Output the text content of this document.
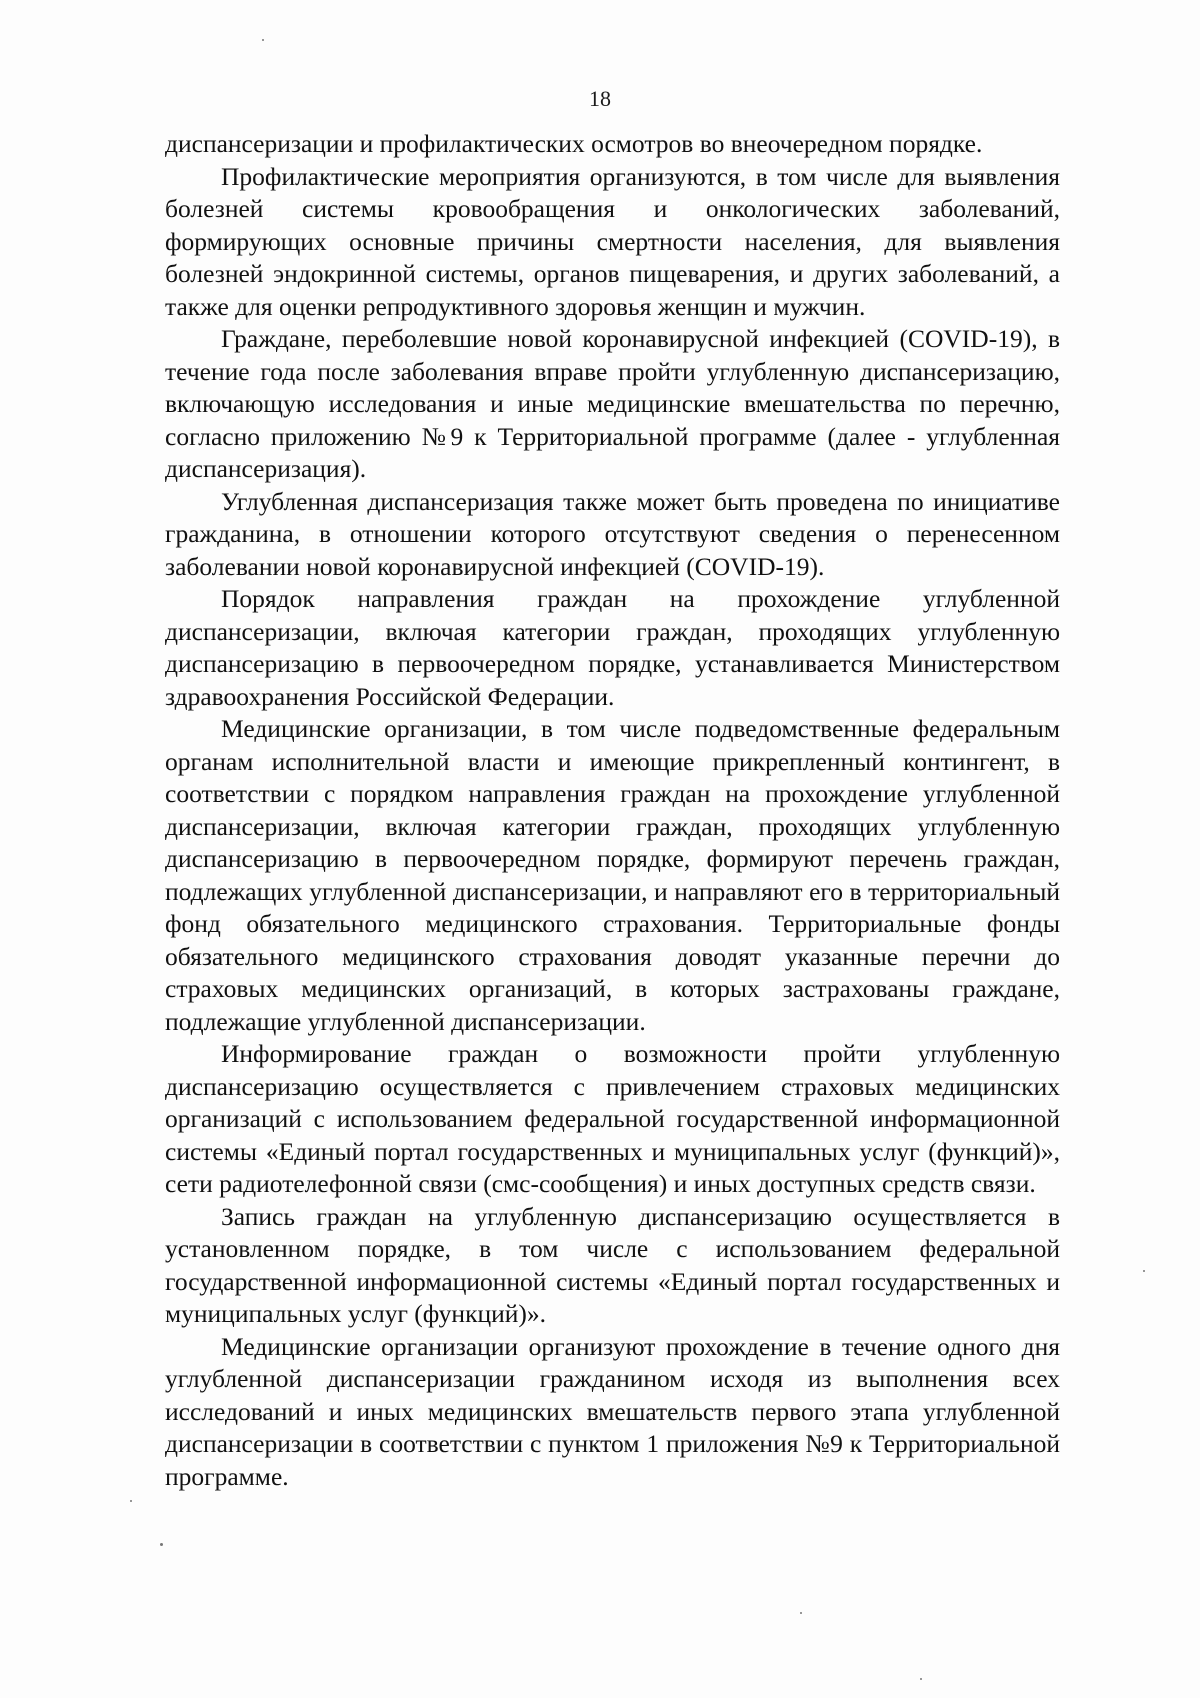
18

диспансеризации и профилактических осмотров во внеочередном порядке.

Профилактические мероприятия организуются, в том числе для выявления болезней системы кровообращения и онкологических заболеваний, формирующих основные причины смертности населения, для выявления болезней эндокринной системы, органов пищеварения, и других заболеваний, а также для оценки репродуктивного здоровья женщин и мужчин.

Граждане, переболевшие новой коронавирусной инфекцией (COVID-19), в течение года после заболевания вправе пройти углубленную диспансеризацию, включающую исследования и иные медицинские вмешательства по перечню, согласно приложению №9 к Территориальной программе (далее - углубленная диспансеризация).

Углубленная диспансеризация также может быть проведена по инициативе гражданина, в отношении которого отсутствуют сведения о перенесенном заболевании новой коронавирусной инфекцией (COVID-19).

Порядок направления граждан на прохождение углубленной диспансеризации, включая категории граждан, проходящих углубленную диспансеризацию в первоочередном порядке, устанавливается Министерством здравоохранения Российской Федерации.

Медицинские организации, в том числе подведомственные федеральным органам исполнительной власти и имеющие прикрепленный контингент, в соответствии с порядком направления граждан на прохождение углубленной диспансеризации, включая категории граждан, проходящих углубленную диспансеризацию в первоочередном порядке, формируют перечень граждан, подлежащих углубленной диспансеризации, и направляют его в территориальный фонд обязательного медицинского страхования. Территориальные фонды обязательного медицинского страхования доводят указанные перечни до страховых медицинских организаций, в которых застрахованы граждане, подлежащие углубленной диспансеризации.

Информирование граждан о возможности пройти углубленную диспансеризацию осуществляется с привлечением страховых медицинских организаций с использованием федеральной государственной информационной системы «Единый портал государственных и муниципальных услуг (функций)», сети радиотелефонной связи (смс-сообщения) и иных доступных средств связи.

Запись граждан на углубленную диспансеризацию осуществляется в установленном порядке, в том числе с использованием федеральной государственной информационной системы «Единый портал государственных и муниципальных услуг (функций)».

Медицинские организации организуют прохождение в течение одного дня углубленной диспансеризации гражданином исходя из выполнения всех исследований и иных медицинских вмешательств первого этапа углубленной диспансеризации в соответствии с пунктом 1 приложения №9 к Территориальной программе.
